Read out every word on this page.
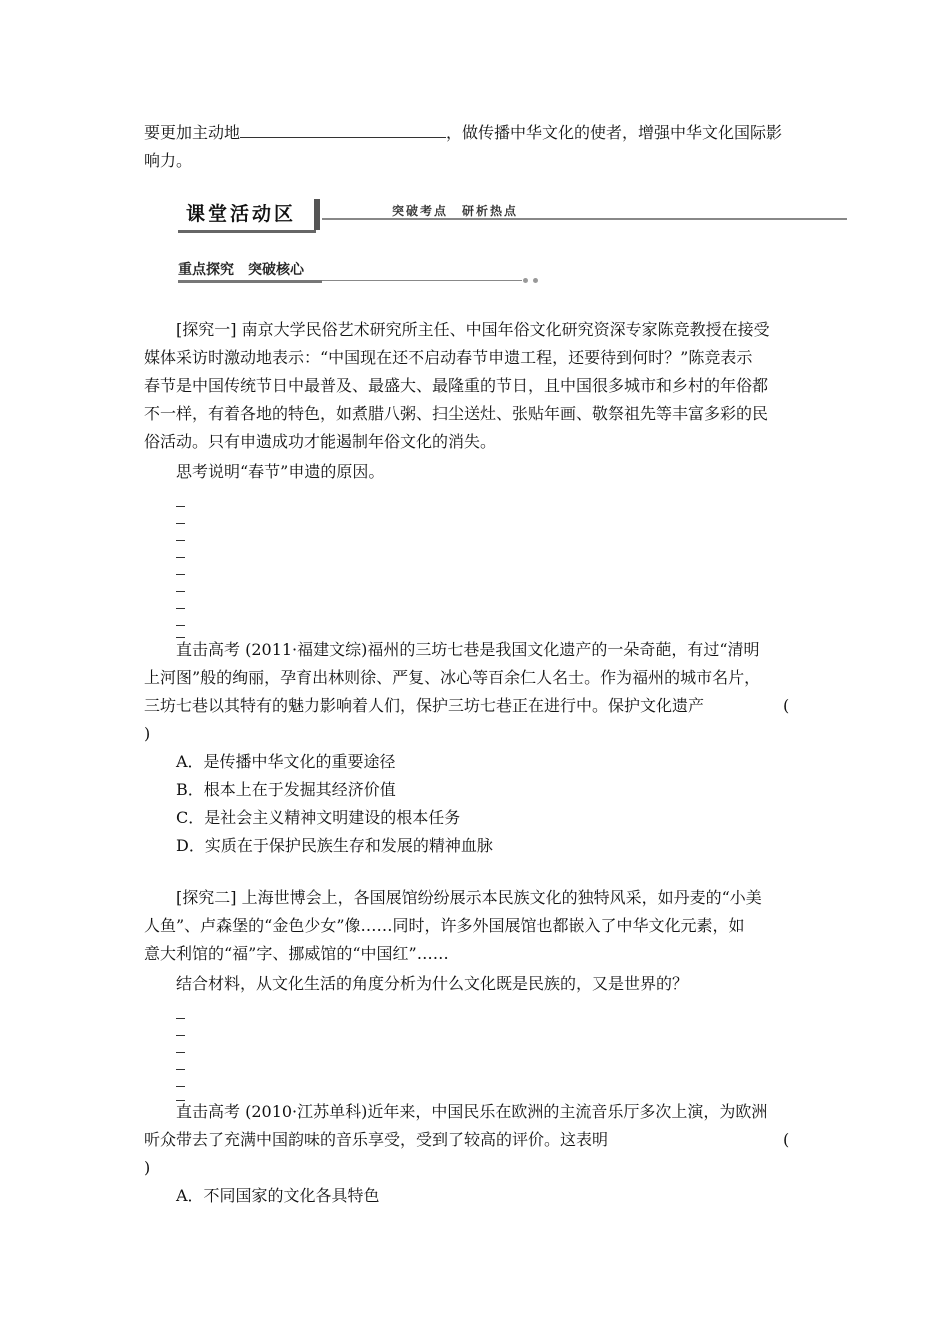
要更加主动地	，做传播中华文化的使者，增强中华文化国际影
响力。
课堂活动区	突破考点　研析热点
重点探究　突破核心
[探究一] 南京大学民俗艺术研究所主任、中国年俗文化研究资深专家陈竞教授在接受
媒体采访时激动地表示：“中国现在还不启动春节申遗工程，还要待到何时？”陈竞表示
春节是中国传统节日中最普及、最盛大、最隆重的节日，且中国很多城市和乡村的年俗都
不一样，有着各地的特色，如煮腊八粥、扫尘送灶、张贴年画、敬祭祖先等丰富多彩的民
俗活动。只有申遗成功才能遏制年俗文化的消失。
思考说明“春节”申遗的原因。
直击高考 (2011·福建文综)福州的三坊七巷是我国文化遗产的一朵奇葩，有过“清明
上河图”般的绚丽，孕育出林则徐、严复、冰心等百余仁人名士。作为福州的城市名片，
三坊七巷以其特有的魅力影响着人们，保护三坊七巷正在进行中。保护文化遗产	(
)
A．是传播中华文化的重要途径
B．根本上在于发掘其经济价值
C．是社会主义精神文明建设的根本任务
D．实质在于保护民族生存和发展的精神血脉
[探究二] 上海世博会上，各国展馆纷纷展示本民族文化的独特风采，如丹麦的“小美
人鱼”、卢森堡的“金色少女”像……同时，许多外国展馆也都嵌入了中华文化元素，如
意大利馆的“福”字、挪威馆的“中国红”……
结合材料，从文化生活的角度分析为什么文化既是民族的，又是世界的？
直击高考 (2010·江苏单科)近年来，中国民乐在欧洲的主流音乐厅多次上演，为欧洲
听众带去了充满中国韵味的音乐享受，受到了较高的评价。这表明	(
)
A．不同国家的文化各具特色
